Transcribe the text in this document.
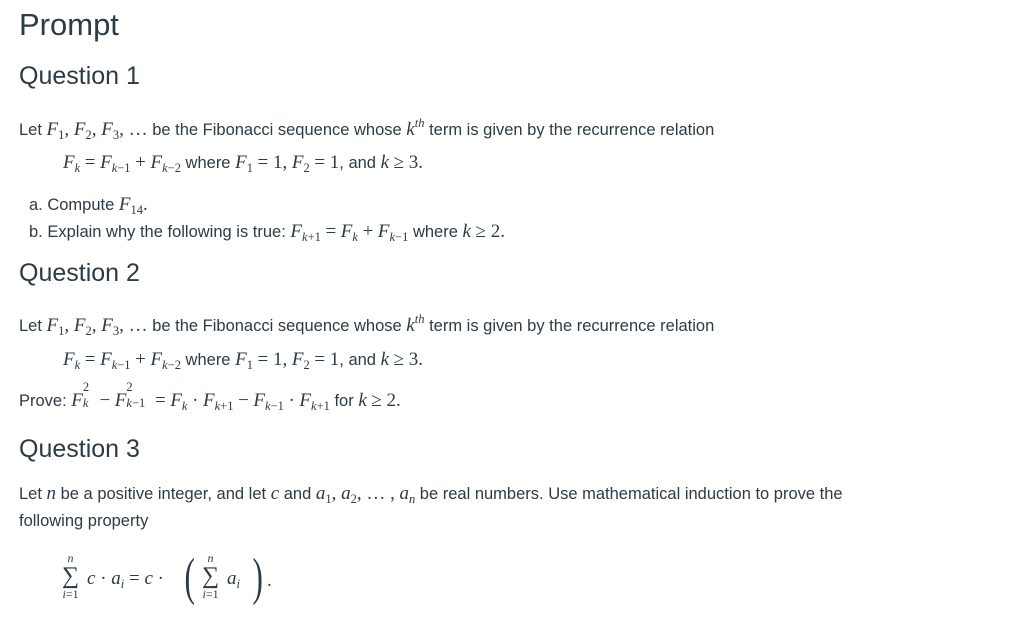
Prompt
Question 1
Let $F_1$, $F_2$, $F_3$, … be the Fibonacci sequence whose $k^{th}$ term is given by the recurrence relation
$F_k = F_{k-1} + F_{k-2}$ where $F_1 = 1$, $F_2 = 1$, and k ≥ 3.
a. Compute $F_{14}$.
b. Explain why the following is true: $F_{k+1} = F_k + F_{k-1}$ where k ≥ 2.
Question 2
Let $F_1$, $F_2$, $F_3$, … be the Fibonacci sequence whose $k^{th}$ term is given by the recurrence relation
$F_k = F_{k-1} + F_{k-2}$ where $F_1 = 1$, $F_2 = 1$, and k ≥ 3.
Prove: F
2
k − F
2
$k-1 = F_k \cdot F_{k+1} - F_{k-1} \cdot F_{k+1}$ for k ≥ 2.
Question 3
Let n be a positive integer, and let c and $a_1$, $a_2$, … , $a_n$ be real numbers. Use mathematical induction to prove the
following property
n
∑
i=1
$c \cdot a_i = c$ · (	n
∑
i=1
$a_i$ ) .
